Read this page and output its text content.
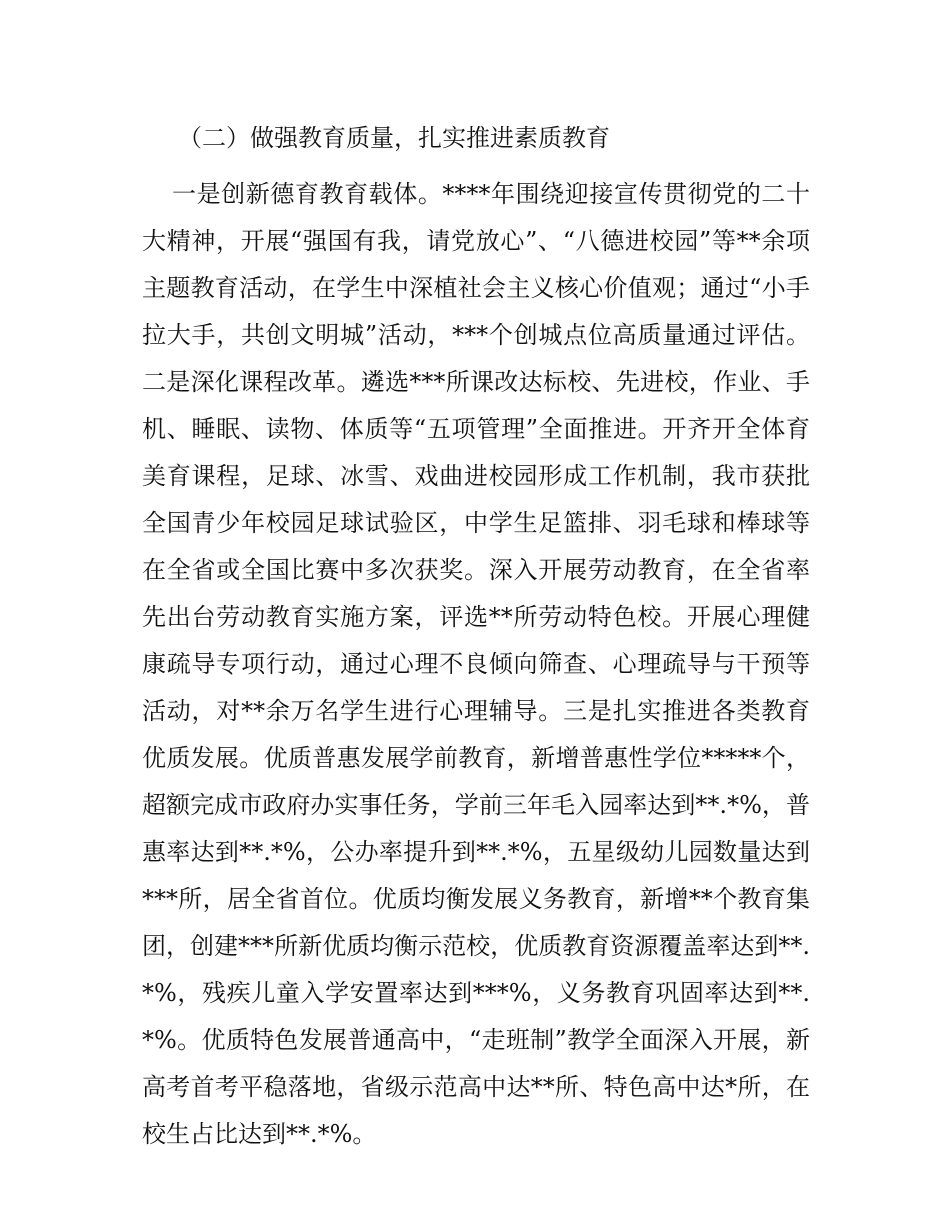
（二）做强教育质量，扎实推进素质教育

一是创新德育教育载体。****年围绕迎接宣传贯彻党的二十大精神，开展“强国有我，请党放心”、“八德进校园”等**余项主题教育活动，在学生中深植社会主义核心价值观；通过“小手拉大手，共创文明城”活动，***个创城点位高质量通过评估。二是深化课程改革。遴选***所课改达标校、先进校，作业、手机、睡眠、读物、体质等“五项管理”全面推进。开齐开全体育美育课程，足球、冰雪、戏曲进校园形成工作机制，我市获批全国青少年校园足球试验区，中学生足篮排、羽毛球和棒球等在全省或全国比赛中多次获奖。深入开展劳动教育，在全省率先出台劳动教育实施方案，评选**所劳动特色校。开展心理健康疏导专项行动，通过心理不良倾向筛查、心理疏导与干预等活动，对**余万名学生进行心理辅导。三是扎实推进各类教育优质发展。优质普惠发展学前教育，新增普惠性学位*****个，超额完成市政府办实事任务，学前三年毛入园率达到**.*%，普惠率达到**.*%，公办率提升到**.*%，五星级幼儿园数量达到***所，居全省首位。优质均衡发展义务教育，新增**个教育集团，创建***所新优质均衡示范校，优质教育资源覆盖率达到**.*%，残疾儿童入学安置率达到***%，义务教育巩固率达到**.*%。优质特色发展普通高中，“走班制”教学全面深入开展，新高考首考平稳落地，省级示范高中达**所、特色高中达*所，在校生占比达到**.*%。
